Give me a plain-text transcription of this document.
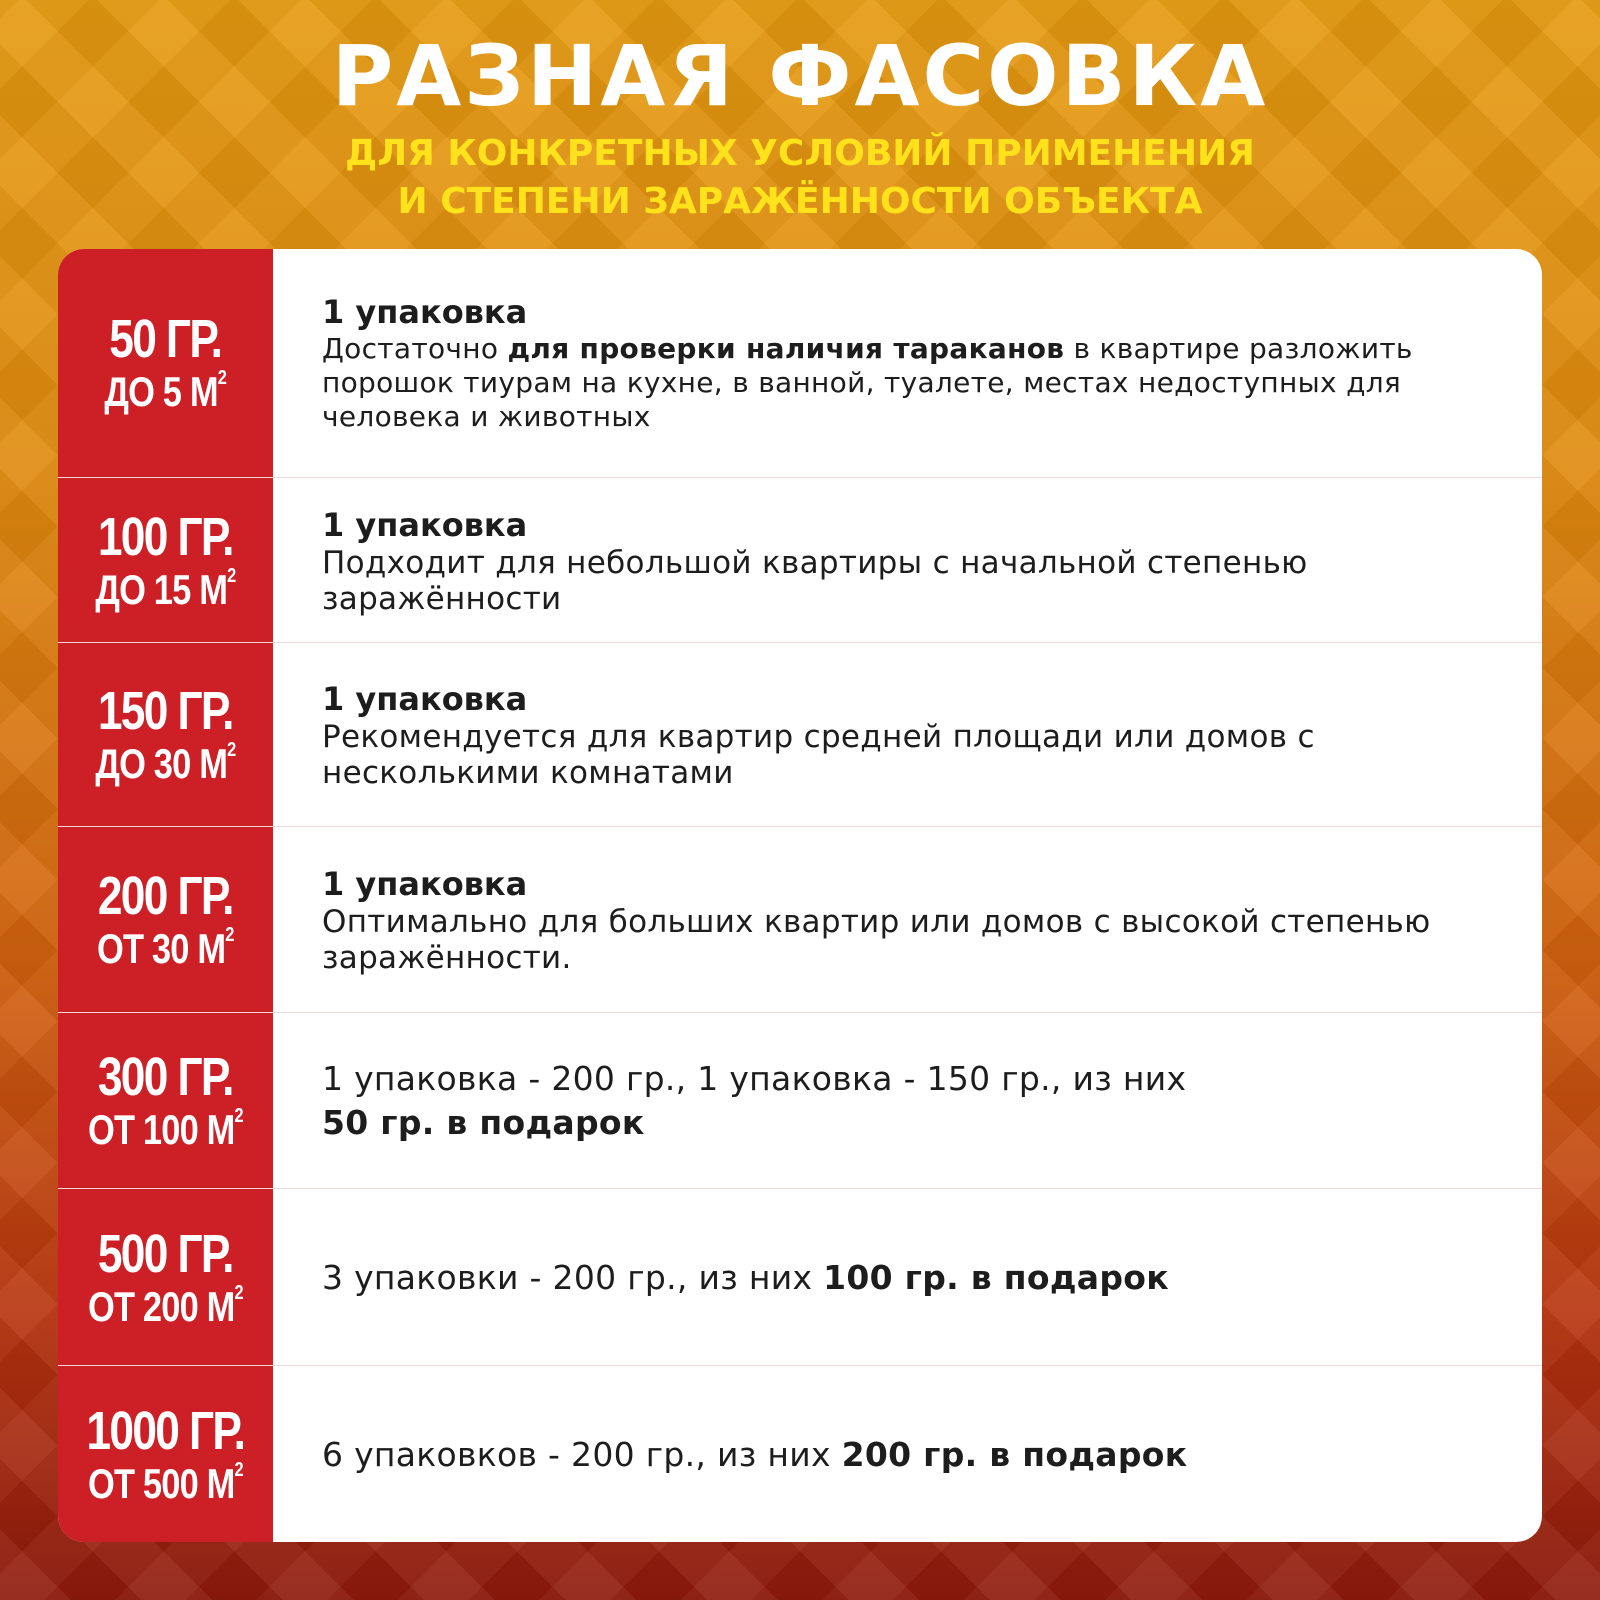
РАЗНАЯ ФАСОВКА
ДЛЯ КОНКРЕТНЫХ УСЛОВИЙ ПРИМЕНЕНИЯ
И СТЕПЕНИ ЗАРАЖЁННОСТИ ОБЪЕКТА
50 ГР.
ДО 5 $М^2$
1 упаковка
Достаточно для проверки наличия тараканов в квартире разложить порошок тиурам на кухне, в ванной, туалете, местах недоступных для человека и животных
100 ГР.
ДО 15 $М^2$
1 упаковка
Подходит для небольшой квартиры с начальной степенью заражённости
150 ГР.
ДО 30 $М^2$
1 упаковка
Рекомендуется для квартир средней площади или домов с несколькими комнатами
200 ГР.
ОТ 30 $М^2$
1 упаковка
Оптимально для больших квартир или домов с высокой степенью заражённости.
300 ГР.
ОТ 100 $М^2$
1 упаковка - 200 гр., 1 упаковка - 150 гр., из них
50 гр. в подарок
500 ГР.
ОТ 200 $М^2$ 3 упаковки - 200 гр., из них 100 гр. в подарок
1000 ГР.
ОТ 500 $М^2$ 6 упаковков - 200 гр., из них 200 гр. в подарок
